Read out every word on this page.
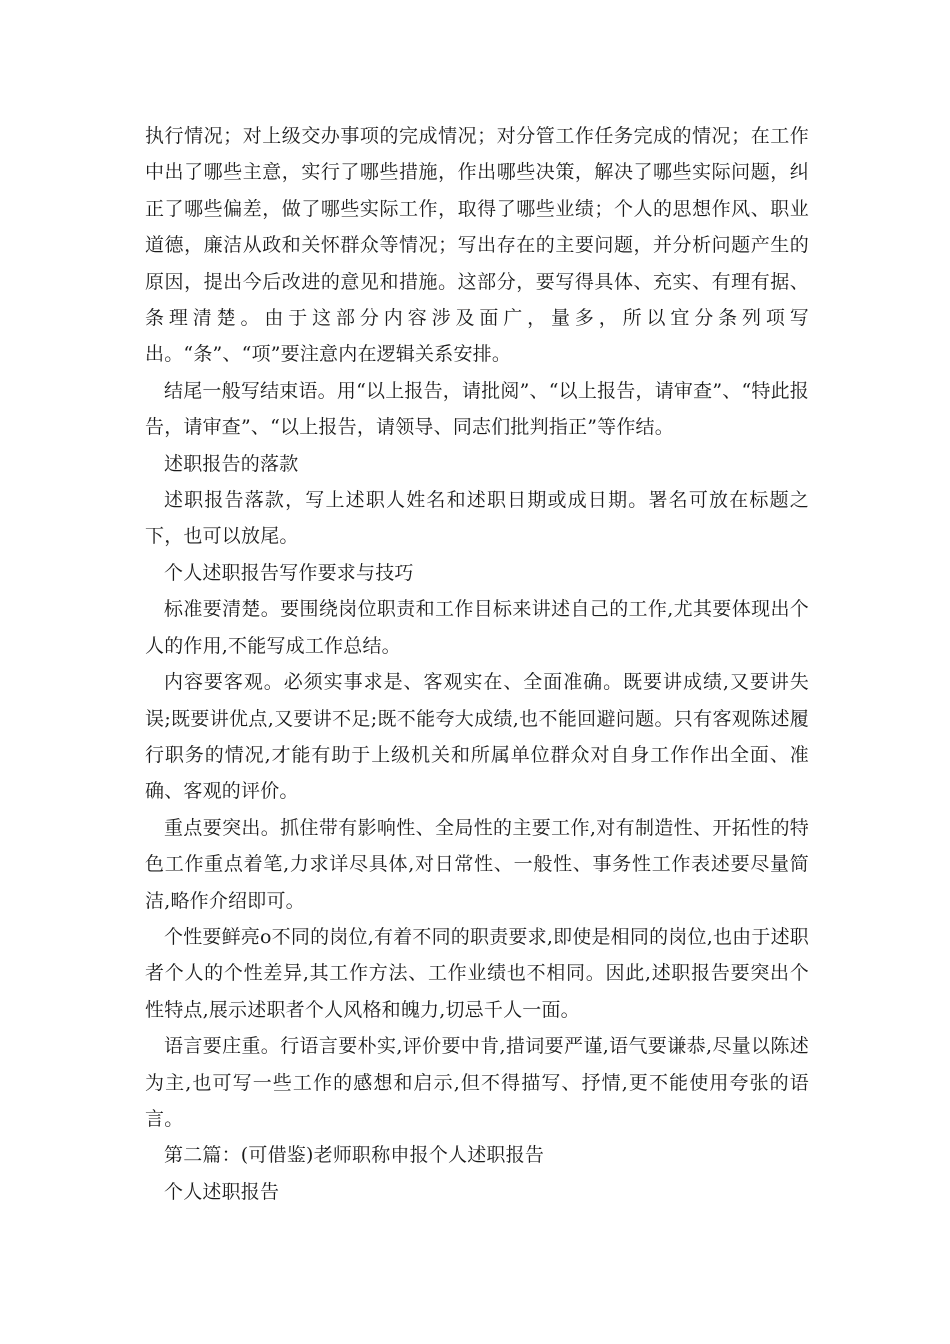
执行情况；对上级交办事项的完成情况；对分管工作任务完成的情况；在工作中出了哪些主意，实行了哪些措施，作出哪些决策，解决了哪些实际问题，纠正了哪些偏差，做了哪些实际工作，取得了哪些业绩；个人的思想作风、职业道德，廉洁从政和关怀群众等情况；写出存在的主要问题，并分析问题产生的原因，提出今后改进的意见和措施。这部分，要写得具体、充实、有理有据、条理清楚。由于这部分内容涉及面广，量多，所以宜分条列项写出。“条”、“项”要注意内在逻辑关系安排。

结尾一般写结束语。用“以上报告，请批阅”、“以上报告，请审查”、“特此报告，请审查”、“以上报告，请领导、同志们批判指正”等作结。

述职报告的落款

述职报告落款，写上述职人姓名和述职日期或成日期。署名可放在标题之下，也可以放尾。

个人述职报告写作要求与技巧

标准要清楚。要围绕岗位职责和工作目标来讲述自己的工作,尤其要体现出个人的作用,不能写成工作总结。

内容要客观。必须实事求是、客观实在、全面准确。既要讲成绩,又要讲失误;既要讲优点,又要讲不足;既不能夸大成绩,也不能回避问题。只有客观陈述履行职务的情况,才能有助于上级机关和所属单位群众对自身工作作出全面、准确、客观的评价。

重点要突出。抓住带有影响性、全局性的主要工作,对有制造性、开拓性的特色工作重点着笔,力求详尽具体,对日常性、一般性、事务性工作表述要尽量简洁,略作介绍即可。

个性要鲜亮o不同的岗位,有着不同的职责要求,即使是相同的岗位,也由于述职者个人的个性差异,其工作方法、工作业绩也不相同。因此,述职报告要突出个性特点,展示述职者个人风格和魄力,切忌千人一面。

语言要庄重。行语言要朴实,评价要中肯,措词要严谨,语气要谦恭,尽量以陈述为主,也可写一些工作的感想和启示,但不得描写、抒情,更不能使用夸张的语言。

第二篇：(可借鉴)老师职称申报个人述职报告

个人述职报告
